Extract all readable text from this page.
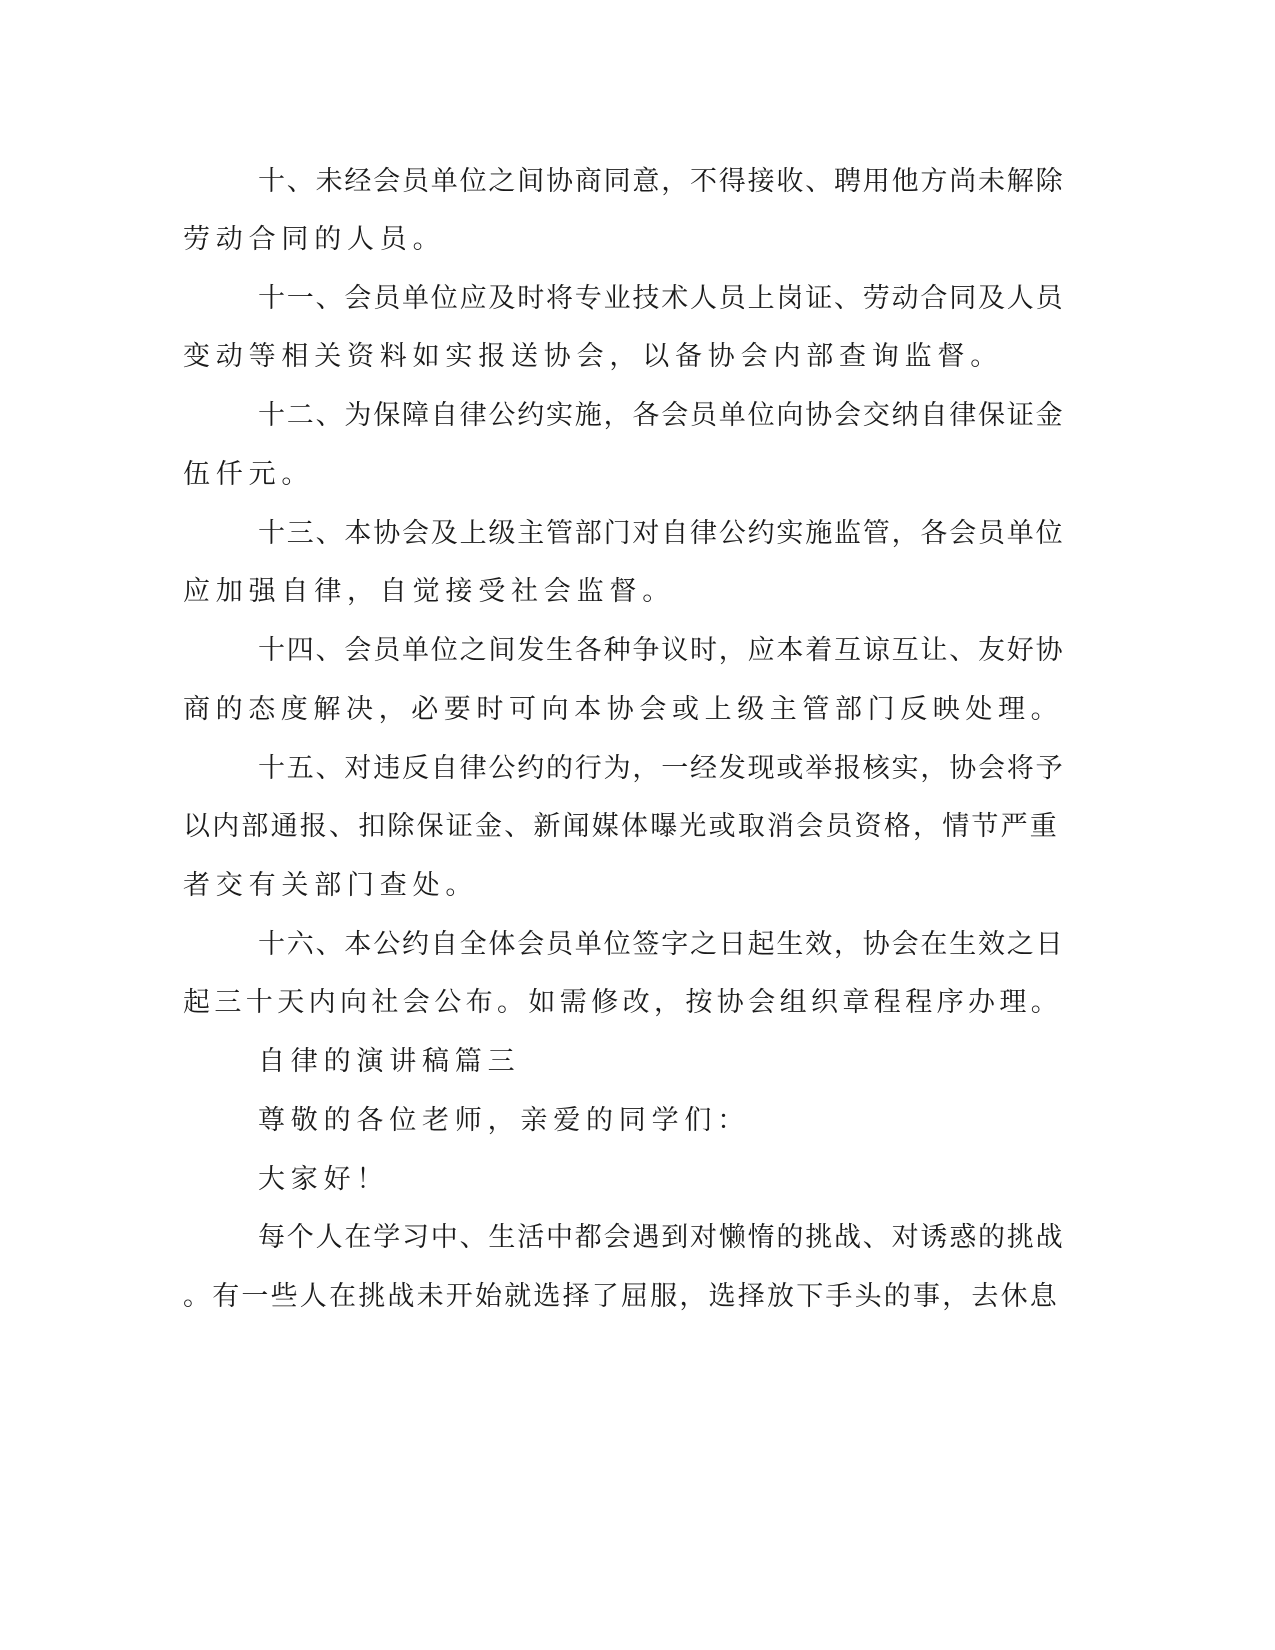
十、未经会员单位之间协商同意，不得接收、聘用他方尚未解除

劳动合同的人员。

十一、会员单位应及时将专业技术人员上岗证、劳动合同及人员

变动等相关资料如实报送协会，以备协会内部查询监督。

十二、为保障自律公约实施，各会员单位向协会交纳自律保证金

伍仟元。

十三、本协会及上级主管部门对自律公约实施监管，各会员单位

应加强自律，自觉接受社会监督。

十四、会员单位之间发生各种争议时，应本着互谅互让、友好协

商的态度解决，必要时可向本协会或上级主管部门反映处理。

十五、对违反自律公约的行为，一经发现或举报核实，协会将予

以内部通报、扣除保证金、新闻媒体曝光或取消会员资格，情节严重

者交有关部门查处。

十六、本公约自全体会员单位签字之日起生效，协会在生效之日

起三十天内向社会公布。如需修改，按协会组织章程程序办理。

自律的演讲稿篇三

尊敬的各位老师，亲爱的同学们：

大家好！

每个人在学习中、生活中都会遇到对懒惰的挑战、对诱惑的挑战

。有一些人在挑战未开始就选择了屈服，选择放下手头的事，去休息
